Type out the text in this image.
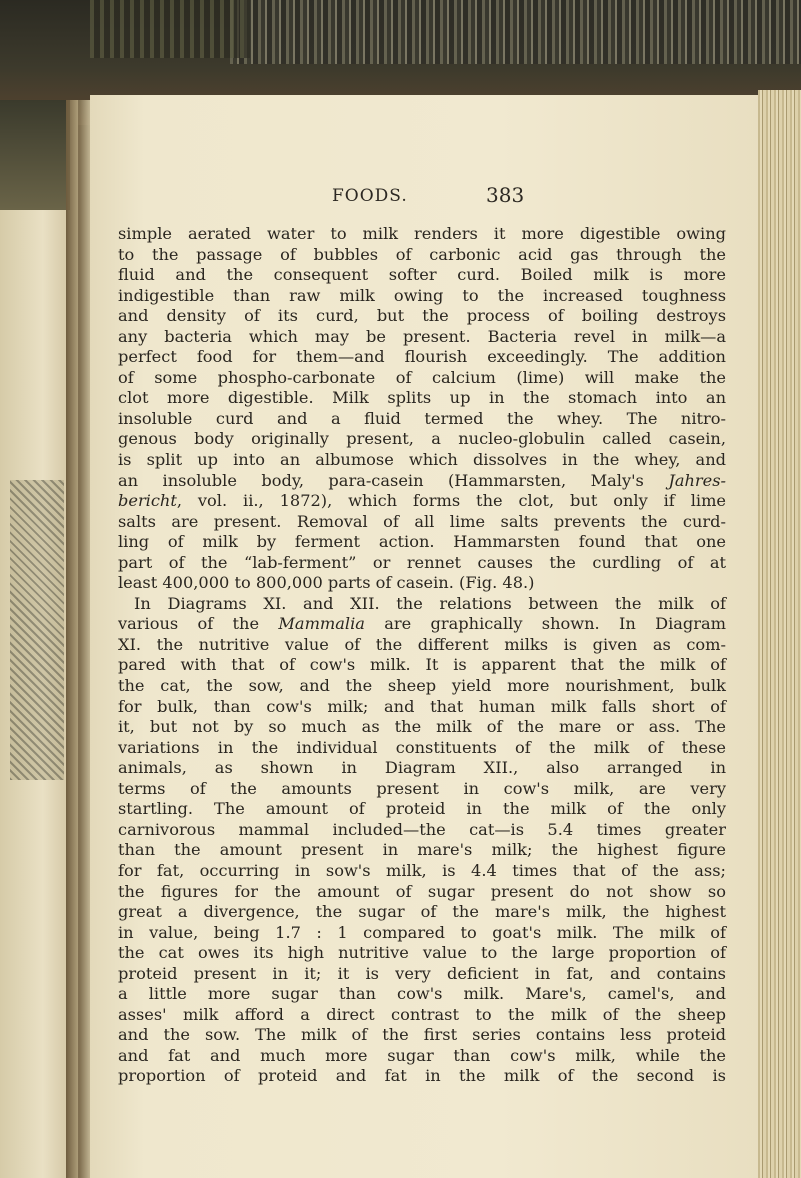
FOODS.	383
simple aerated water to milk renders it more digestible owing
to the passage of bubbles of carbonic acid gas through the
fluid and the consequent softer curd. Boiled milk is more
indigestible than raw milk owing to the increased toughness
and density of its curd, but the process of boiling destroys
any bacteria which may be present. Bacteria revel in milk—a
perfect food for them—and flourish exceedingly. The addition
of some phospho-carbonate of calcium (lime) will make the
clot more digestible. Milk splits up in the stomach into an
insoluble curd and a fluid termed the whey. The nitro-
genous body originally present, a nucleo-globulin called casein,
is split up into an albumose which dissolves in the whey, and
an insoluble body, para-casein (Hammarsten, Maly's Jahres-
bericht, vol. ii., 1872), which forms the clot, but only if lime
salts are present. Removal of all lime salts prevents the curd-
ling of milk by ferment action. Hammarsten found that one
part of the “lab-ferment” or rennet causes the curdling of at
least 400,000 to 800,000 parts of casein. (Fig. 48.)
In Diagrams XI. and XII. the relations between the milk of
various of the Mammalia are graphically shown. In Diagram
XI. the nutritive value of the different milks is given as com-
pared with that of cow's milk. It is apparent that the milk of
the cat, the sow, and the sheep yield more nourishment, bulk
for bulk, than cow's milk; and that human milk falls short of
it, but not by so much as the milk of the mare or ass. The
variations in the individual constituents of the milk of these
animals, as shown in Diagram XII., also arranged in
terms of the amounts present in cow's milk, are very
startling. The amount of proteid in the milk of the only
carnivorous mammal included—the cat—is 5.4 times greater
than the amount present in mare's milk; the highest figure
for fat, occurring in sow's milk, is 4.4 times that of the ass;
the figures for the amount of sugar present do not show so
great a divergence, the sugar of the mare's milk, the highest
in value, being 1.7 : 1 compared to goat's milk. The milk of
the cat owes its high nutritive value to the large proportion of
proteid present in it; it is very deficient in fat, and contains
a little more sugar than cow's milk. Mare's, camel's, and
asses' milk afford a direct contrast to the milk of the sheep
and the sow. The milk of the first series contains less proteid
and fat and much more sugar than cow's milk, while the
proportion of proteid and fat in the milk of the second is
